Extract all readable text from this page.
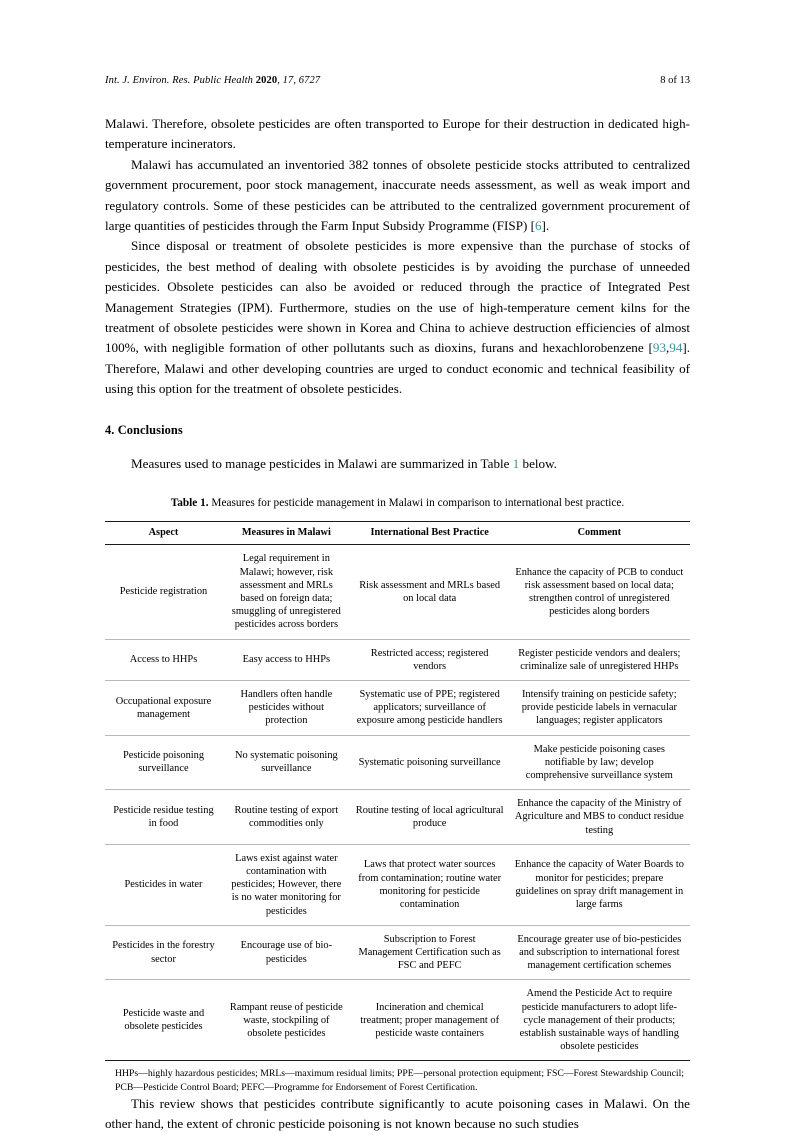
Int. J. Environ. Res. Public Health 2020, 17, 6727	8 of 13

Malawi. Therefore, obsolete pesticides are often transported to Europe for their destruction in dedicated high-temperature incinerators.

Malawi has accumulated an inventoried 382 tonnes of obsolete pesticide stocks attributed to centralized government procurement, poor stock management, inaccurate needs assessment, as well as weak import and regulatory controls. Some of these pesticides can be attributed to the centralized government procurement of large quantities of pesticides through the Farm Input Subsidy Programme (FISP) [6].

Since disposal or treatment of obsolete pesticides is more expensive than the purchase of stocks of pesticides, the best method of dealing with obsolete pesticides is by avoiding the purchase of unneeded pesticides. Obsolete pesticides can also be avoided or reduced through the practice of Integrated Pest Management Strategies (IPM). Furthermore, studies on the use of high-temperature cement kilns for the treatment of obsolete pesticides were shown in Korea and China to achieve destruction efficiencies of almost 100%, with negligible formation of other pollutants such as dioxins, furans and hexachlorobenzene [93,94]. Therefore, Malawi and other developing countries are urged to conduct economic and technical feasibility of using this option for the treatment of obsolete pesticides.

4. Conclusions

Measures used to manage pesticides in Malawi are summarized in Table 1 below.

Table 1. Measures for pesticide management in Malawi in comparison to international best practice.
Aspect	Measures in Malawi	International Best Practice	Comment
Pesticide registration	Legal requirement in Malawi; however, risk assessment and MRLs based on foreign data; smuggling of unregistered pesticides across borders	Risk assessment and MRLs based on local data	Enhance the capacity of PCB to conduct risk assessment based on local data; strengthen control of unregistered pesticides along borders
Access to HHPs	Easy access to HHPs	Restricted access; registered vendors	Register pesticide vendors and dealers; criminalize sale of unregistered HHPs
Occupational exposure management	Handlers often handle pesticides without protection	Systematic use of PPE; registered applicators; surveillance of exposure among pesticide handlers	Intensify training on pesticide safety; provide pesticide labels in vernacular languages; register applicators
Pesticide poisoning surveillance	No systematic poisoning surveillance	Systematic poisoning surveillance	Make pesticide poisoning cases notifiable by law; develop comprehensive surveillance system
Pesticide residue testing in food	Routine testing of export commodities only	Routine testing of local agricultural produce	Enhance the capacity of the Ministry of Agriculture and MBS to conduct residue testing
Pesticides in water	Laws exist against water contamination with pesticides; However, there is no water monitoring for pesticides	Laws that protect water sources from contamination; routine water monitoring for pesticide contamination	Enhance the capacity of Water Boards to monitor for pesticides; prepare guidelines on spray drift management in large farms
Pesticides in the forestry sector	Encourage use of bio-pesticides	Subscription to Forest Management Certification such as FSC and PEFC	Encourage greater use of bio-pesticides and subscription to international forest management certification schemes
Pesticide waste and obsolete pesticides	Rampant reuse of pesticide waste, stockpiling of obsolete pesticides	Incineration and chemical treatment; proper management of pesticide waste containers	Amend the Pesticide Act to require pesticide manufacturers to adopt life-cycle management of their products; establish sustainable ways of handling obsolete pesticides

HHPs—highly hazardous pesticides; MRLs—maximum residual limits; PPE—personal protection equipment; FSC—Forest Stewardship Council; PCB—Pesticide Control Board; PEFC—Programme for Endorsement of Forest Certification.

This review shows that pesticides contribute significantly to acute poisoning cases in Malawi. On the other hand, the extent of chronic pesticide poisoning is not known because no such studies
